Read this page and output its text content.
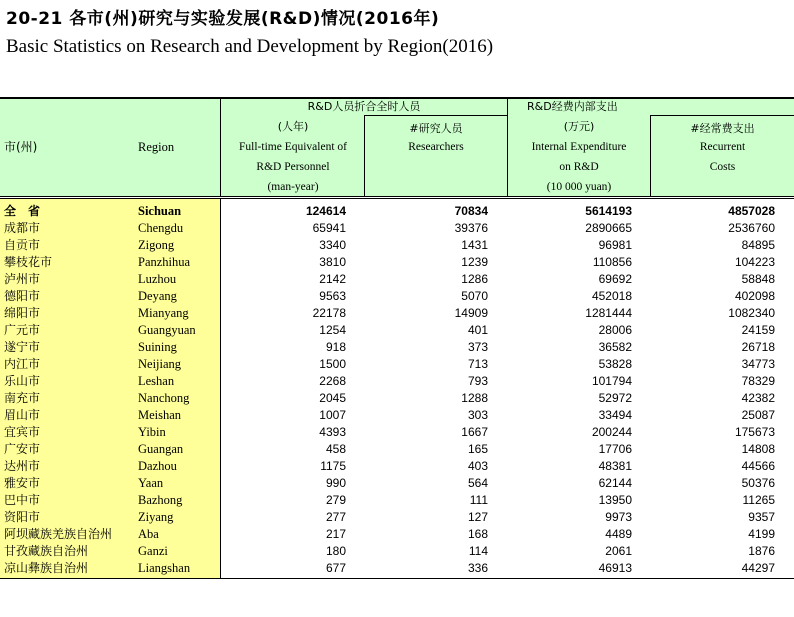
20-21 各市(州)研究与实验发展(R&D)情况(2016年)
Basic Statistics on Research and Development by Region(2016)
市(州)	Region
R&D人员折合全时人员
(人年)
Full-time Equivalent of
R&D Personnel
(man-year)
#研究人员
Researchers
R&D经费内部支出
(万元)
Internal Expenditure
on R&D
(10 000 yuan)
#经常费支出
Recurrent
Costs
全　省	Sichuan	124614	70834	5614193	4857028
成都市	Chengdu	65941	39376	2890665	2536760
自贡市	Zigong	3340	1431	96981	84895
攀枝花市	Panzhihua	3810	1239	110856	104223
泸州市	Luzhou	2142	1286	69692	58848
德阳市	Deyang	9563	5070	452018	402098
绵阳市	Mianyang	22178	14909	1281444	1082340
广元市	Guangyuan	1254	401	28006	24159
遂宁市	Suining	918	373	36582	26718
内江市	Neijiang	1500	713	53828	34773
乐山市	Leshan	2268	793	101794	78329
南充市	Nanchong	2045	1288	52972	42382
眉山市	Meishan	1007	303	33494	25087
宜宾市	Yibin	4393	1667	200244	175673
广安市	Guangan	458	165	17706	14808
达州市	Dazhou	1175	403	48381	44566
雅安市	Yaan	990	564	62144	50376
巴中市	Bazhong	279	111	13950	11265
资阳市	Ziyang	277	127	9973	9357
阿坝藏族羌族自治州 Aba	217	168	4489	4199
甘孜藏族自治州	Ganzi	180	114	2061	1876
凉山彝族自治州	Liangshan	677	336	46913	44297
